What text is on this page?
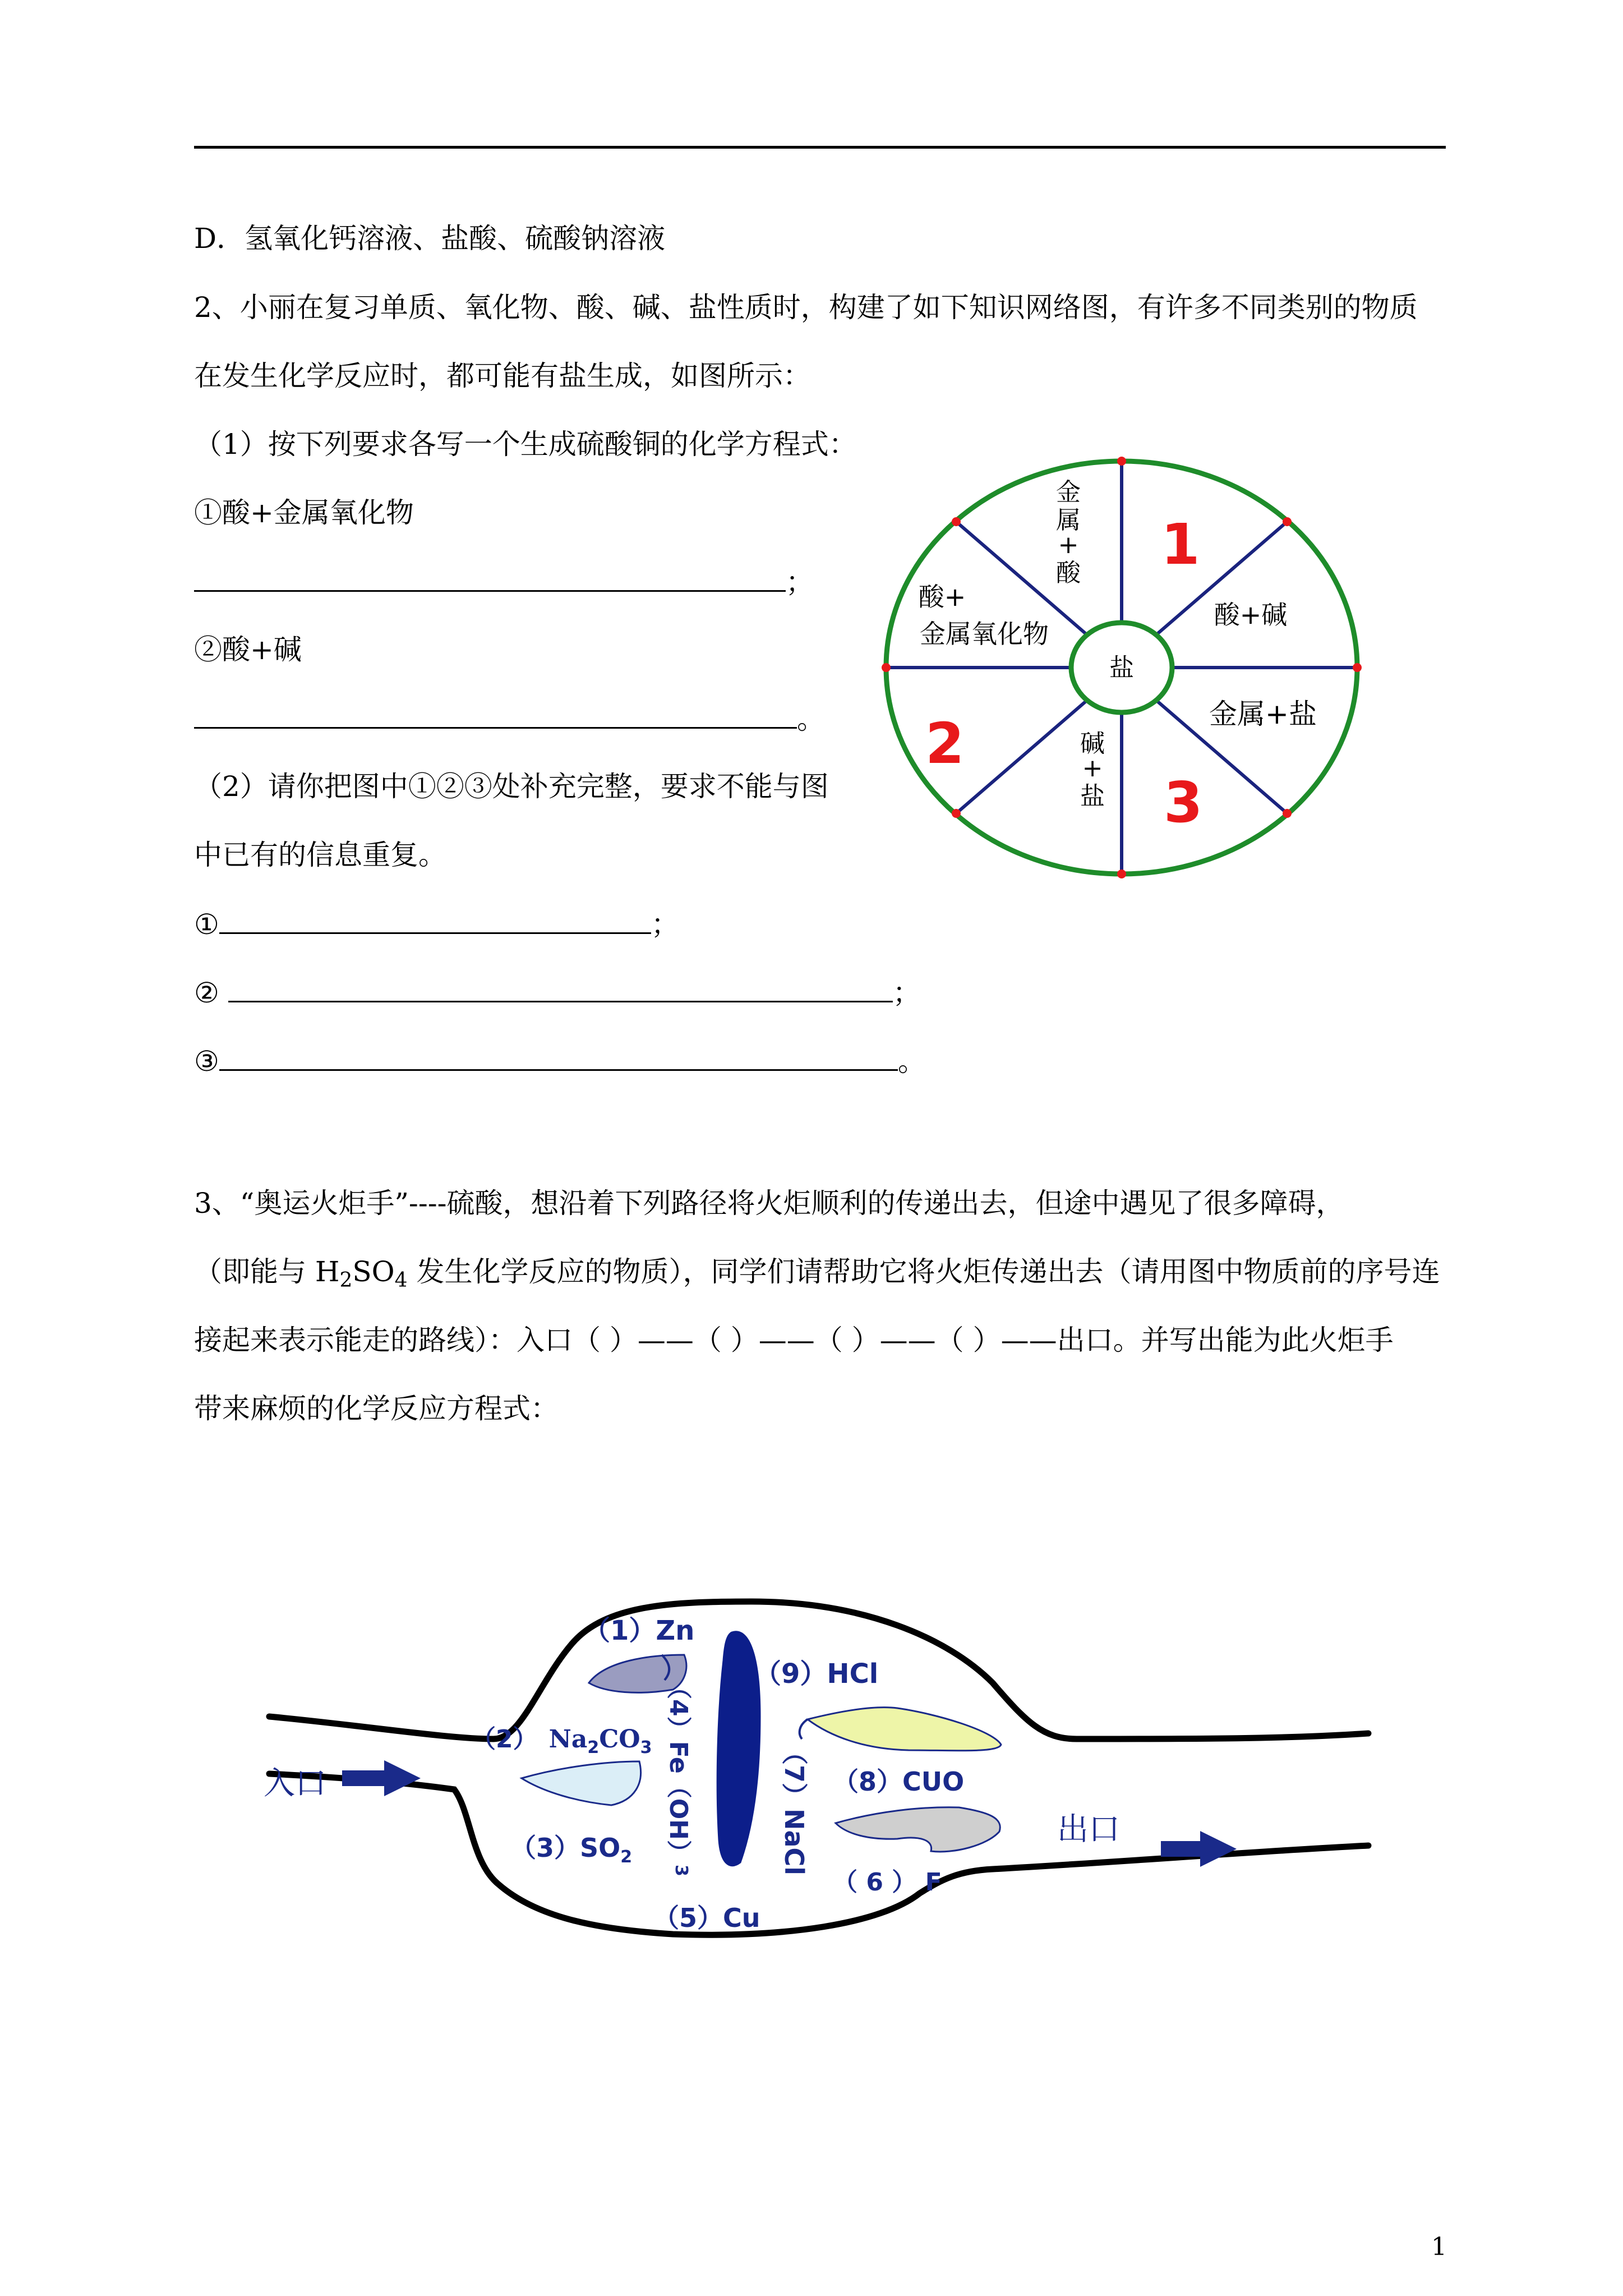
D．氢氧化钙溶液、盐酸、硫酸钠溶液
2、小丽在复习单质、氧化物、酸、碱、盐性质时，构建了如下知识网络图，有许多不同类别的物质
在发生化学反应时，都可能有盐生成，如图所示：
（1）按下列要求各写一个生成硫酸铜的化学方程式：
①酸+金属氧化物
；
②酸+碱
。
（2）请你把图中①②③处补充完整，要求不能与图
中已有的信息重复。
①	；
②	；
③	。
盐
金
属
+
酸
酸+碱
金属+盐
碱
+
盐
酸+
金属氧化物
1
2
3
3、“奥运火炬手”----硫酸，想沿着下列路径将火炬顺利的传递出去，但途中遇见了很多障碍，
（即能与 $H_2SO_4$ 发生化学反应的物质），同学们请帮助它将火炬传递出去（请用图中物质前的序号连
接起来表示能走的路线）：入口（ ）——（ ）——（ ）——（ ）——出口。并写出能为此火炬手
带来麻烦的化学反应方程式：
入口
出口
（1）Zn
（2） $Na_2CO_3$
$(3)SO_2$ （4）Fe（OH）$^3$
（5）Cu
（ 6 ） F
（7）NaCl （8）CUO
（9）HCl
1
